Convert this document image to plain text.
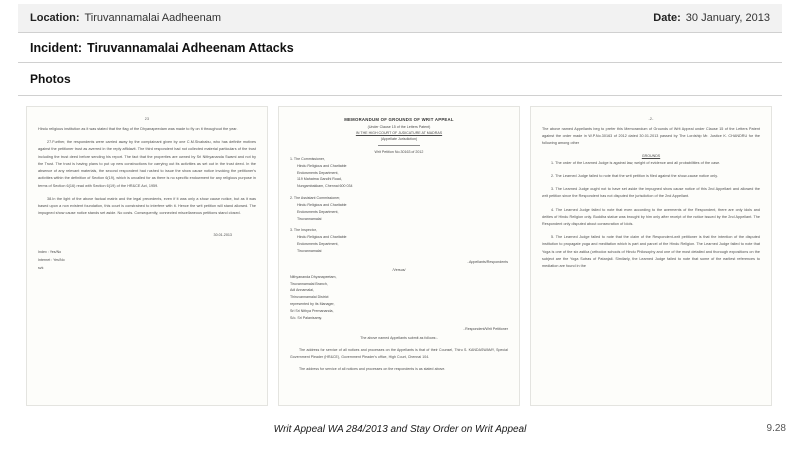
Location: Tiruvannamalai Aadheenam	Date: 30 January, 2013
Incident: Tiruvannamalai Adheenam Attacks
Photos
23

Hindu religious institution as it was stated that the flag of the Dhyanapeedam was made to fly on it throughout the year.

27.Further, the respondents were carried away by the complainant given by one C.M.Sivababu, who has definite motives against the petitioner trust as averred in the reply affidavit. The third respondent had not collected material particulars of the trust including the trust deed before sending his report. The fact that the properties are owned by Sri Nithyananda Swami and not by the Trust. The trust is having plans to put up new constructions for carrying out its activities as set out in the trust deed. In the absence of any relevant materials, the second respondent had rushed to issue the show cause notice invoking the petitioner's activities within the definition of Section 6(19), which is uncalled for as there is no specific endowment for any religious purpose in terms of Section 6(16) read with Section 6(19) of the HR&CE Act, 1959.

38.In the light of the above factual matrix and the legal precedents, even if it was only a show cause notice, but as it was based upon a non existent foundation, this court is constrained to interfere with it. Hence the writ petition will stand allowed. The impugned show cause notice stands set aside. No costs. Consequently, connected miscellaneous petitions stand closed.

30.01.2013
Index : Yes/No
Internet : Yes/No
svk
MEMORANDUM OF GROUNDS OF WRIT APPEAL
(Under Clause 15 of the Letters Patent)
IN THE HIGH COURT OF JUDICATURE AT MADRAS
(Appellate Jurisdiction)
Writ Petition No.30163 of 2012
1. The Commissioner,
Hindu Religious and Charitable
Endowments Department,
119 Mahatma Gandhi Road,
Nungambakkam, Chennai 600 034
2. The Assistant Commissioner,
Hindu Religious and Charitable
Endowments Department,
Tiruvannamalai
3. The Inspector,
Hindu Religious and Charitable
Endowments Department,
Tiruvannamalai
..Appellants/Respondents
/Versus/
Nithyananda Dhyanapeetam,
Tiruvannamalai Branch,
Adi Annamalai,
Thiruvannamalai District
represented by its Manager,
Sri Sri Nithya Premananda,
S/o. Sri Palanisamy.
..Respondent/Writ Petitioner

The above named Appellants submit as follows:-

The address for service of all notices and processes on the Appellants is that of their Counsel, Thiru S. KANDASWAMY, Special Government Pleader (HR&CE), Government Pleader's office, High Court, Chennai 104.

The address for service of all notices and processes on the respondents is as stated above.

-2-

The above named Appellants beg to prefer this Memorandum of Grounds of Writ Appeal under Clause 15 of the Letters Patent against the order made in W.P.No.30163 of 2012 dated 30.01.2013 passed by The Lordship Mr. Justice K. CHANDRU for the following among other

GROUNDS

1. The order of the Learned Judge is against law, weight of evidence and all probabilities of the case.

2. The Learned Judge failed to note that the writ petition is filed against the show-cause notice only.

3. The Learned Judge ought not to have set aside the impugned show cause notice of this 2nd Appellant and allowed the writ petition since the Respondent has not disputed the jurisdiction of the 2nd Appellant.

4. The Learned Judge failed to note that even according to the averments of the Respondent, there are only idols and deities of Hindu Religion only. Buddha statue was brought by him only after receipt of the notice issued by the 2nd Appellant. The Respondent only disputed about consecration of Idols.

5. The Learned Judge failed to note that the claim of the Respondent-writ petitioner is that the intention of the disputed institution to propagate yoga and meditation which is part and parcel of the Hindu Religion. The Learned Judge failed to note that Yoga is one of the six astika (orthodox schools of Hindu Philosophy and one of the most detailed and thorough expositions on the subject are the Yoga Sutras of Patanjali. Similarly, the Learned Judge failed to note that some of the earliest references to mediation are found in the

Writ Appeal WA 284/2013 and Stay Order on Writ Appeal	9.28
